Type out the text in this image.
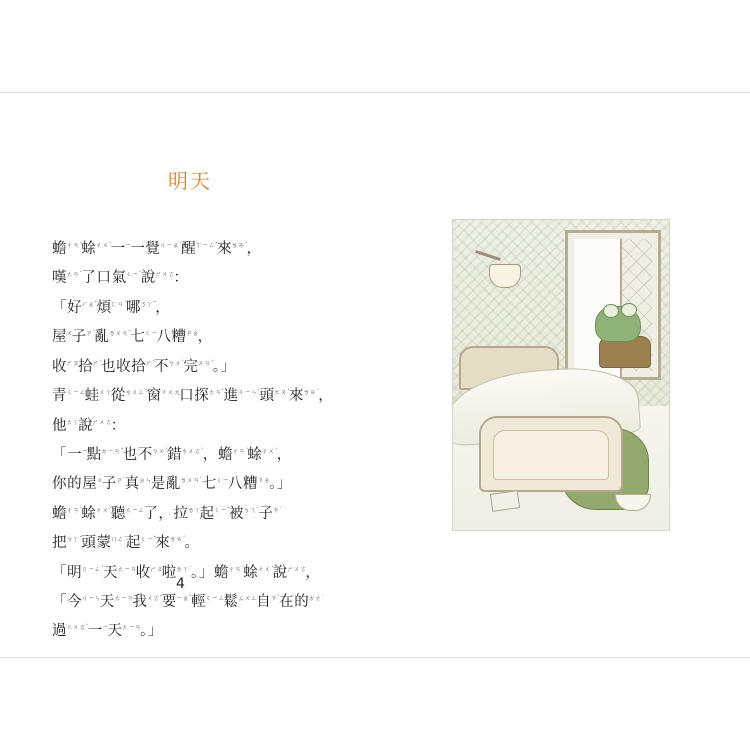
明天
蟾$^{ㄔㄢˊ}$蜍$^{ㄔㄨˊ}$一$^ㄧ$一覺$^{ㄐㄧㄠˋ}$醒$^{ㄒㄧㄥˇ}$來$^{ㄌㄞˊ}$，
嘆$^{ㄊㄢˋ}$了口氣$^{ㄑㄧˋ}$說$^{ㄕㄨㄛ}$：
「好$^{ㄏㄠˇ}$煩$^{ㄈㄢˊ}$哪$^{ㄋㄚˇ}$，
屋$^ㄨ$子$^{ㄗ˙}$亂$^{ㄌㄨㄢˋ}$七$^{ㄑㄧ}$八糟$^{ㄗㄠ}$，
收$^{ㄕㄡ}$拾$^{ㄕˊ}$也收拾$^{ㄕˊ}$不$^{ㄅㄨˋ}$完$^{ㄨㄢˊ}$。」
青$^{ㄑㄧㄥ}$蛙$^{ㄨㄚ}$從$^{ㄘㄨㄥˊ}$窗$^{ㄔㄨㄤ}$口探$^{ㄊㄢˋ}$進$^{ㄐㄧㄣˋ}$頭$^{ㄊㄡˊ}$來$^{ㄌㄞˊ}$，
他$^{ㄊㄚ}$說$^{ㄕㄨㄛ}$：
「一$^ㄧ$點$^{ㄉㄧㄢˇ}$也不$^{ㄅㄨˊ}$錯$^{ㄘㄨㄛˋ}$，蟾$^{ㄔㄢˊ}$蜍$^{ㄔㄨˊ}$，
你的屋$^ㄨ$子$^{ㄗ˙}$真$^{ㄓㄣ}$是亂$^{ㄌㄨㄢˋ}$七$^{ㄑㄧ}$八糟$^{ㄗㄠ}$。」
蟾$^{ㄔㄢˊ}$蜍$^{ㄔㄨˊ}$聽$^{ㄊㄧㄥ}$了，拉$^{ㄌㄚ}$起$^{ㄑㄧˇ}$被$^{ㄅㄟˋ}$子$^{ㄗ˙}$
把$^{ㄅㄚˇ}$頭蒙$^{ㄇㄥˊ}$起$^{ㄑㄧˇ}$來$^{ㄌㄞˊ}$。
「明$^{ㄇㄧㄥˊ}$天$^{ㄊㄧㄢ}$收$^{ㄕㄡ}$啦$^{ㄌㄚ˙}$。」蟾$^{ㄔㄢˊ}$蜍$^{ㄔㄨˊ}$說$^{ㄕㄨㄛ}$，
「今$^{ㄐㄧㄣ}$天$^{ㄊㄧㄢ}$我$^{ㄨㄛˇ}$要$^{ㄧㄠˋ}$輕$^{ㄑㄧㄥ}$鬆$^{ㄙㄨㄥ}$自$^{ㄗˋ}$在的$^{ㄉㄜ˙}$
過$^{ㄍㄨㄛˋ}$一$^ㄧ$天$^{ㄊㄧㄢ}$。」
4
